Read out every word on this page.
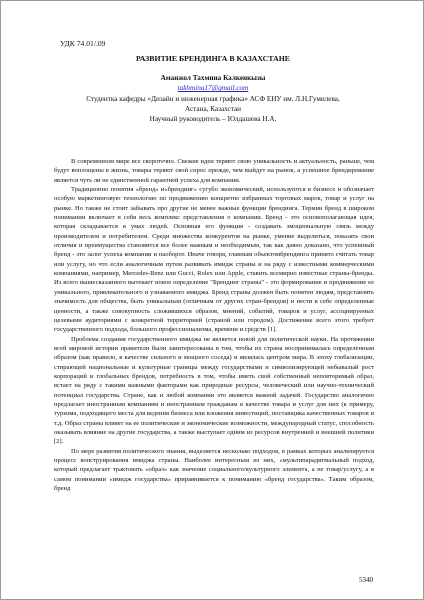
УДК 74.01/.09
РАЗВИТИЕ БРЕНДИНГА В КАЗАХСТАНЕ
Аманжол Тахмина Калкенкызы
takhmina17@gmail.com
Студентка кафедры «Дизайн и инженерная графика» АСФ ЕНУ им. Л.Н.Гумилева,
Астана, Казахстан
Научный руководитель – Юлдашева Н.А.

В современном мире все скоротечно. Свежие идеи теряют свою уникальность и актуальность, раньше, чем будут воплощены в жизнь, товары теряют свой спрос прежде, чем выйдут на рынок, а успешное брендирование является чуть ли не единственной гарантией успеха для компании.

Традиционно понятия «бренд» и«брендинг» сугубо экономический, используются в бизнесе и обозначает особую маркетинговую технологию по продвижению конкретно избранных торговых марок, товар и услуг на рынке. Но также не стоит забывать про другие не менее важные функции брендинга. Термин бренд в широком понимании включает в себя весь комплекс представления о компании. Бренд - это основополагающая идея, которая складывается в умах людей. Основная его функция - создавать эмоциональную связь между производителем и потребителем. Среди множества конкурентов на рынке, умение выделиться, показать свои отличия и преимущества становится все более важным и необходимым, так как давно доказано, что успешный бренд - это залог успеха компании и наоборот. Иначе говоря, главным объектомбрендинга принято считать товар или услугу, но что если аналогичным путем развивать имидж страны и на ряду с известными коммерческими компаниями, например, Mercedes-Benz или Gucci, Rolex или Apple, ставить всемирно известные страны-бренды. Из всего вышесказанного вытекает новое определение "Брендинг страны" - это формирование и продвижение ее уникального, привлекательного и узнаваемого имиджа. Бренд страны должен быть понятен людям, представлять значимость для общества, быть уникальным (отличным от других стран-брендов) и нести в себе определенные ценности, а также совокупность сложившихся образов, мнений, событий, товаров и услуг, ассоциируемых целевыми аудиториями с конкретной территорией (страной или городом). Достижение всего этого требует государственного подхода, большого профессионализма, времени и средств [1].

Проблема создания государственного имиджа не является новой для политической науки. На протяжении всей мировой истории правители были заинтересованы в том, чтобы их страна воспринималась определенным образом (как правило, в качестве сильного и мощного соседа) и являлась центром мира. В эпоху глобализации, стирающей национальные и культурные границы между государствами и символизирующей небывалый рост корпораций и глобальных брендов, потребность в том, чтобы иметь свой собственный неповторимый образ, встает на ряду с такими важными факторами как природные ресурсы, человеческий или научно-технический потенциал государства. Стране, как и любой компании это является важной задачей. Государство аналогично предлагает иностранным компаниям и иностранным гражданам в качестве товара и услуг для них (к примеру, туризма, подходящего места для ведения бизнеса или вложения инвестиций, поставщика качественных товаров и т.д. Образ страны влияет на ее политические и экономические возможности, международный статус, способность оказывать влияние на другие государства, а также выступает одним из ресурсов внутренней и внешней политики [2].

По мере развития политического знания, выделяется несколько подходов, в рамках которых анализируется процесс конструирования имиджа страны. Наиболее интересным из них, «мультипарадигмальный подход, который предлагает трактовать «образ» как значение социального/культурного элемента, а не товар/услугу, а в самом понимании «имидж государства» приравнивается к пониманию «бренд государства». Таким образом, бренд

5340
